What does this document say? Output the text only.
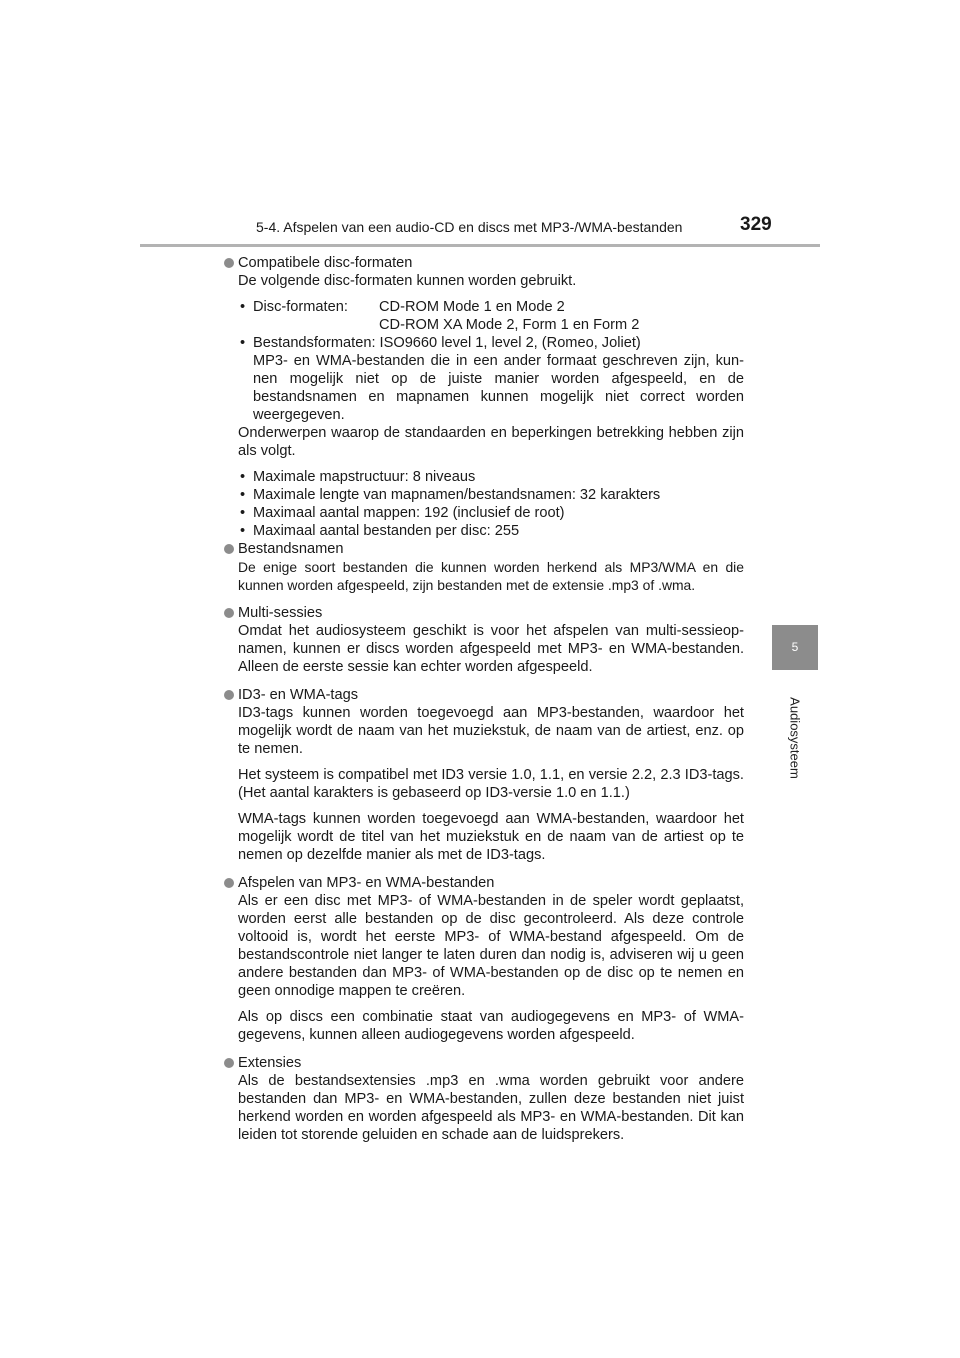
5-4. Afspelen van een audio-CD en discs met MP3-/WMA-bestanden	329
5
Audiosysteem
Compatibele disc-formaten

De volgende disc-formaten kunnen worden gebruikt.

• Disc-formaten:	CD-ROM Mode 1 en Mode 2
CD-ROM XA Mode 2, Form 1 en Form 2
• Bestandsformaten: ISO9660 level 1, level 2, (Romeo, Joliet)

MP3- en WMA-bestanden die in een ander formaat geschreven zijn, kun-nen mogelijk niet op de juiste manier worden afgespeeld, en de bestandsnamen en mapnamen kunnen mogelijk niet correct worden weergegeven.

Onderwerpen waarop de standaarden en beperkingen betrekking hebben zijn als volgt.

• Maximale mapstructuur: 8 niveaus
• Maximale lengte van mapnamen/bestandsnamen: 32 karakters
• Maximaal aantal mappen: 192 (inclusief de root)
• Maximaal aantal bestanden per disc: 255
Bestandsnamen

De enige soort bestanden die kunnen worden herkend als MP3/WMA en die kunnen worden afgespeeld, zijn bestanden met de extensie .mp3 of .wma.

Multi-sessies

Omdat het audiosysteem geschikt is voor het afspelen van multi-sessieop-namen, kunnen er discs worden afgespeeld met MP3- en WMA-bestanden. Alleen de eerste sessie kan echter worden afgespeeld.

ID3- en WMA-tags

ID3-tags kunnen worden toegevoegd aan MP3-bestanden, waardoor het mogelijk wordt de naam van het muziekstuk, de naam van de artiest, enz. op te nemen.

Het systeem is compatibel met ID3 versie 1.0, 1.1, en versie 2.2, 2.3 ID3-tags. (Het aantal karakters is gebaseerd op ID3-versie 1.0 en 1.1.)

WMA-tags kunnen worden toegevoegd aan WMA-bestanden, waardoor het mogelijk wordt de titel van het muziekstuk en de naam van de artiest op te nemen op dezelfde manier als met de ID3-tags.

Afspelen van MP3- en WMA-bestanden

Als er een disc met MP3- of WMA-bestanden in de speler wordt geplaatst, worden eerst alle bestanden op de disc gecontroleerd. Als deze controle voltooid is, wordt het eerste MP3- of WMA-bestand afgespeeld. Om de bestandscontrole niet langer te laten duren dan nodig is, adviseren wij u geen andere bestanden dan MP3- of WMA-bestanden op de disc op te nemen en geen onnodige mappen te creëren.

Als op discs een combinatie staat van audiogegevens en MP3- of WMA-gegevens, kunnen alleen audiogegevens worden afgespeeld.

Extensies

Als de bestandsextensies .mp3 en .wma worden gebruikt voor andere bestanden dan MP3- en WMA-bestanden, zullen deze bestanden niet juist herkend worden en worden afgespeeld als MP3- en WMA-bestanden. Dit kan leiden tot storende geluiden en schade aan de luidsprekers.
